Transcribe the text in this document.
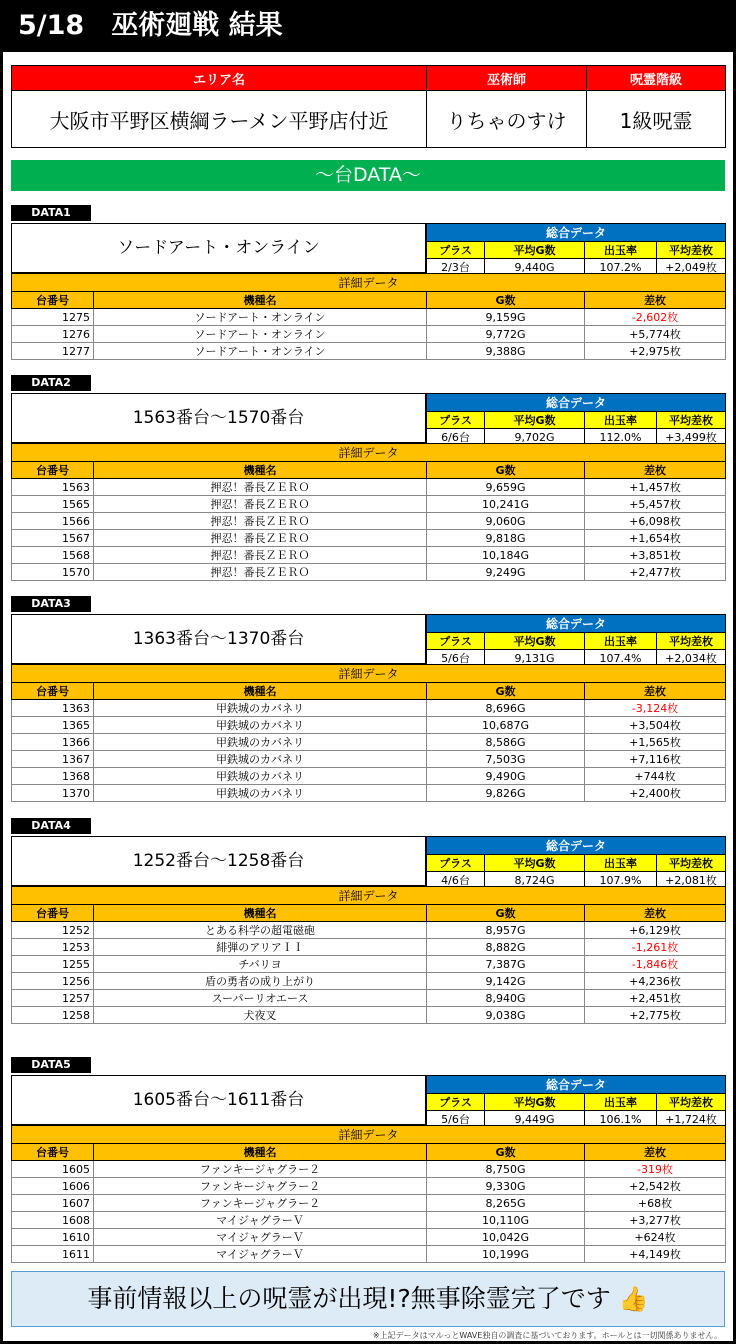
5/18　巫術廻戦 結果
エリア名	巫術師	呪霊階級
大阪市平野区横綱ラーメン平野店付近	りちゃのすけ	1級呪霊
～台DATA～
DATA1
ソードアート・オンライン
総合データ			
プラス	平均G数	出玉率	平均差枚
2/3台	9,440G	107.2%	+2,049枚
詳細データ			
台番号	機種名	G数	差枚
1275	ソードアート・オンライン	9,159G	-2,602枚
1276	ソードアート・オンライン	9,772G	+5,774枚
1277	ソードアート・オンライン	9,388G	+2,975枚
DATA2
1563番台～1570番台
総合データ			
プラス	平均G数	出玉率	平均差枚
6/6台	9,702G	112.0%	+3,499枚
詳細データ			
台番号	機種名	G数	差枚
1563	押忍！番長ＺＥＲＯ	9,659G	+1,457枚
1565	押忍！番長ＺＥＲＯ	10,241G	+5,457枚
1566	押忍！番長ＺＥＲＯ	9,060G	+6,098枚
1567	押忍！番長ＺＥＲＯ	9,818G	+1,654枚
1568	押忍！番長ＺＥＲＯ	10,184G	+3,851枚
1570	押忍！番長ＺＥＲＯ	9,249G	+2,477枚
DATA3
1363番台～1370番台
総合データ			
プラス	平均G数	出玉率	平均差枚
5/6台	9,131G	107.4%	+2,034枚
詳細データ			
台番号	機種名	G数	差枚
1363	甲鉄城のカバネリ	8,696G	-3,124枚
1365	甲鉄城のカバネリ	10,687G	+3,504枚
1366	甲鉄城のカバネリ	8,586G	+1,565枚
1367	甲鉄城のカバネリ	7,503G	+7,116枚
1368	甲鉄城のカバネリ	9,490G	+744枚
1370	甲鉄城のカバネリ	9,826G	+2,400枚
DATA4
1252番台～1258番台
総合データ			
プラス	平均G数	出玉率	平均差枚
4/6台	8,724G	107.9%	+2,081枚
詳細データ			
台番号	機種名	G数	差枚
1252	とある科学の超電磁砲	8,957G	+6,129枚
1253	緋弾のアリアＩＩ	8,882G	-1,261枚
1255	チバリヨ	7,387G	-1,846枚
1256	盾の勇者の成り上がり	9,142G	+4,236枚
1257	スーパーリオエース	8,940G	+2,451枚
1258	犬夜叉	9,038G	+2,775枚
DATA5
1605番台～1611番台
総合データ			
プラス	平均G数	出玉率	平均差枚
5/6台	9,449G	106.1%	+1,724枚
詳細データ			
台番号	機種名	G数	差枚
1605	ファンキージャグラー２	8,750G	-319枚
1606	ファンキージャグラー２	9,330G	+2,542枚
1607	ファンキージャグラー２	8,265G	+68枚
1608	マイジャグラーＶ	10,110G	+3,277枚
1610	マイジャグラーＶ	10,042G	+624枚
1611	マイジャグラーＶ	10,199G	+4,149枚
事前情報以上の呪霊が出現!?無事除霊完了です 👍
※上記データはマルっとWAVE独自の調査に基づいております。ホールとは一切関係ありません。
